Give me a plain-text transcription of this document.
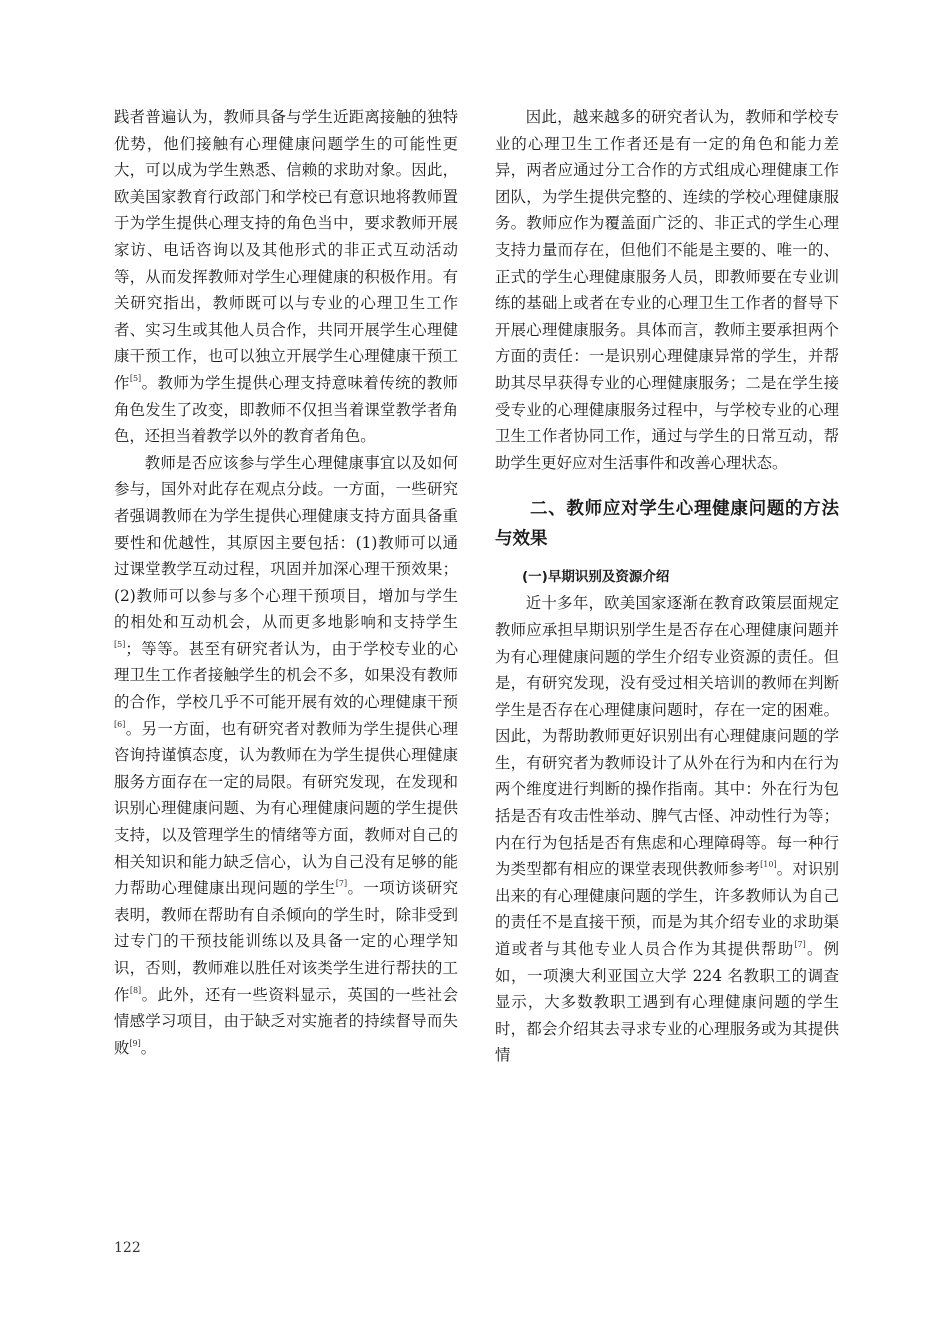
践者普遍认为，教师具备与学生近距离接触的独特优势，他们接触有心理健康问题学生的可能性更大，可以成为学生熟悉、信赖的求助对象。因此，欧美国家教育行政部门和学校已有意识地将教师置于为学生提供心理支持的角色当中，要求教师开展家访、电话咨询以及其他形式的非正式互动活动等，从而发挥教师对学生心理健康的积极作用。有关研究指出，教师既可以与专业的心理卫生工作者、实习生或其他人员合作，共同开展学生心理健康干预工作，也可以独立开展学生心理健康干预工作[5]。教师为学生提供心理支持意味着传统的教师角色发生了改变，即教师不仅担当着课堂教学者角色，还担当着教学以外的教育者角色。

教师是否应该参与学生心理健康事宜以及如何参与，国外对此存在观点分歧。一方面，一些研究者强调教师在为学生提供心理健康支持方面具备重要性和优越性，其原因主要包括：(1)教师可以通过课堂教学互动过程，巩固并加深心理干预效果；(2)教师可以参与多个心理干预项目，增加与学生的相处和互动机会，从而更多地影响和支持学生[5]；等等。甚至有研究者认为，由于学校专业的心理卫生工作者接触学生的机会不多，如果没有教师的合作，学校几乎不可能开展有效的心理健康干预[6]。另一方面，也有研究者对教师为学生提供心理咨询持谨慎态度，认为教师在为学生提供心理健康服务方面存在一定的局限。有研究发现，在发现和识别心理健康问题、为有心理健康问题的学生提供支持，以及管理学生的情绪等方面，教师对自己的相关知识和能力缺乏信心，认为自己没有足够的能力帮助心理健康出现问题的学生[7]。一项访谈研究表明，教师在帮助有自杀倾向的学生时，除非受到过专门的干预技能训练以及具备一定的心理学知识，否则，教师难以胜任对该类学生进行帮扶的工作[8]。此外，还有一些资料显示，英国的一些社会情感学习项目，由于缺乏对实施者的持续督导而失败[9]。

因此，越来越多的研究者认为，教师和学校专业的心理卫生工作者还是有一定的角色和能力差异，两者应通过分工合作的方式组成心理健康工作团队，为学生提供完整的、连续的学校心理健康服务。教师应作为覆盖面广泛的、非正式的学生心理支持力量而存在，但他们不能是主要的、唯一的、正式的学生心理健康服务人员，即教师要在专业训练的基础上或者在专业的心理卫生工作者的督导下开展心理健康服务。具体而言，教师主要承担两个方面的责任：一是识别心理健康异常的学生，并帮助其尽早获得专业的心理健康服务；二是在学生接受专业的心理健康服务过程中，与学校专业的心理卫生工作者协同工作，通过与学生的日常互动，帮助学生更好应对生活事件和改善心理状态。

二、教师应对学生心理健康问题的方法与效果
(一)早期识别及资源介绍

近十多年，欧美国家逐渐在教育政策层面规定教师应承担早期识别学生是否存在心理健康问题并为有心理健康问题的学生介绍专业资源的责任。但是，有研究发现，没有受过相关培训的教师在判断学生是否存在心理健康问题时，存在一定的困难。因此，为帮助教师更好识别出有心理健康问题的学生，有研究者为教师设计了从外在行为和内在行为两个维度进行判断的操作指南。其中：外在行为包括是否有攻击性举动、脾气古怪、冲动性行为等；内在行为包括是否有焦虑和心理障碍等。每一种行为类型都有相应的课堂表现供教师参考[10]。对识别出来的有心理健康问题的学生，许多教师认为自己的责任不是直接干预，而是为其介绍专业的求助渠道或者与其他专业人员合作为其提供帮助[7]。例如，一项澳大利亚国立大学 224 名教职工的调查显示，大多数教职工遇到有心理健康问题的学生时，都会介绍其去寻求专业的心理服务或为其提供情

122
